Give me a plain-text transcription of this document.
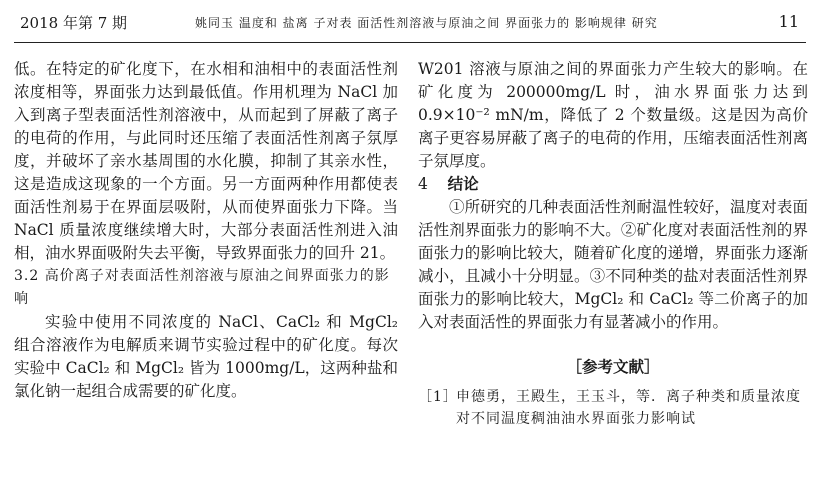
2018 年第 7 期	姚同玉 温度和 盐离 子对表 面活性剂溶液与原油之间 界面张力的 影响规律 研究	11

低。在特定的矿化度下，在水相和油相中的表面活性剂浓度相等，界面张力达到最低值。作用机理为 NaCl 加入到离子型表面活性剂溶液中，从而起到了屏蔽了离子的电荷的作用，与此同时还压缩了表面活性剂离子氛厚度，并破坏了亲水基周围的水化膜，抑制了其亲水性，这是造成这现象的一个方面。另一方面两种作用都使表面活性剂易于在界面层吸附，从而使界面张力下降。当 NaCl 质量浓度继续增大时，大部分表面活性剂进入油相，油水界面吸附失去平衡，导致界面张力的回升 21。

3.2 高价离子对表面活性剂溶液与原油之间界面张力的影响

实验中使用不同浓度的 NaCl、CaCl₂ 和 MgCl₂ 组合溶液作为电解质来调节实验过程中的矿化度。每次实验中 CaCl₂ 和 MgCl₂ 皆为 1000mg/L，这两种盐和氯化钠一起组合成需要的矿化度。

W201 溶液与原油之间的界面张力产生较大的影响。在矿化度为 200000mg/L 时，油水界面张力达到 0.9×10⁻² mN/m，降低了 2 个数量级。这是因为高价离子更容易屏蔽了离子的电荷的作用，压缩表面活性剂离子氛厚度。

4 结论

①所研究的几种表面活性剂耐温性较好，温度对表面活性剂界面张力的影响不大。②矿化度对表面活性剂的界面张力的影响比较大，随着矿化度的递增，界面张力逐渐减小，且减小十分明显。③不同种类的盐对表面活性剂界面张力的影响比较大，MgCl₂ 和 CaCl₂ 等二价离子的加入对表面活性的界面张力有显著减小的作用。

［参考文献］
［1］
申德勇，王殿生，王玉斗，等．离子种类和质量浓度对不同温度稠油油水界面张力影响试
